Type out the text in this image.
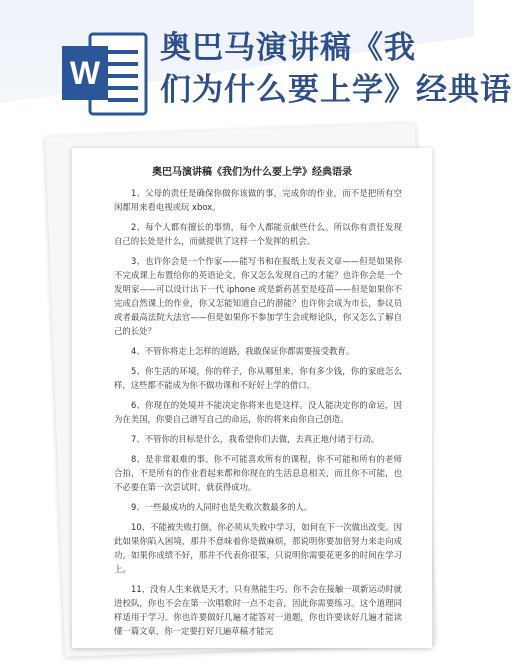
W
奥巴马演讲稿《我
们为什么要上学》经典语
奥巴马演讲稿《我们为什么要上学》经典语录

1、父母的责任是确保你做你该做的事，完成你的作业，而不是把所有空闲都用来看电视或玩 xbox。

2、每个人都有擅长的事情，每个人都能贡献些什么。所以你有责任发现自己的长处是什么，而就提供了这样一个发挥的机会。

3、也许你会是一个作家——能写书和在报纸上发表文章——但是如果你不完成课上布置给你的英语论文，你又怎么发现自己的才能？也许你会是一个发明家——可以设计出下一代 iphone 或是新药甚至是疫苗——但是如果你不完成自然课上的作业，你又怎能知道自己的潜能？也许你会成为市长，参议员或者最高法院大法官——但是如果你不参加学生会或辩论队，你又怎么了解自己的长处？

4、不管你将走上怎样的道路，我敢保证你都需要接受教育。

5、你生活的环境，你的样子，你从哪里来，你有多少钱，你的家庭怎么样，这些都不能成为你不做功课和不好好上学的借口。

6、你现在的处境并不能决定你将来也是这样。没人能决定你的命运，因为在美国，你要自己谱写自己的命运，你的将来由你自己创造。

7、不管你的目标是什么，我希望你们去做，去真正地付诸于行动。

8、是非常艰难的事。你不可能喜欢所有的课程，你不可能和所有的老师合拍，不是所有的作业看起来都和你现在的生活息息相关，而且你不可能，也不必要在第一次尝试时，就获得成功。

9、一些最成功的人同时也是失败次数最多的人。

10、不能被失败打倒，你必须从失败中学习，如何在下一次做出改变。因此如果你陷入困境，那并不意味着你是做麻烦，那说明你要加倍努力来走向成功。如果你成绩不好，那并不代表你很笨，只说明你需要花更多的时间在学习上。

11、没有人生来就是天才，只有熟能生巧。你不会在接触一项新运动时就进校队，你也不会在第一次唱歌时一点不走音，因此你需要练习。这个道理同样适用于学习。你也许要做好几遍才能答对一道题，你也许要读好几遍才能读懂一篇文章，你一定要打好几遍草稿才能完
